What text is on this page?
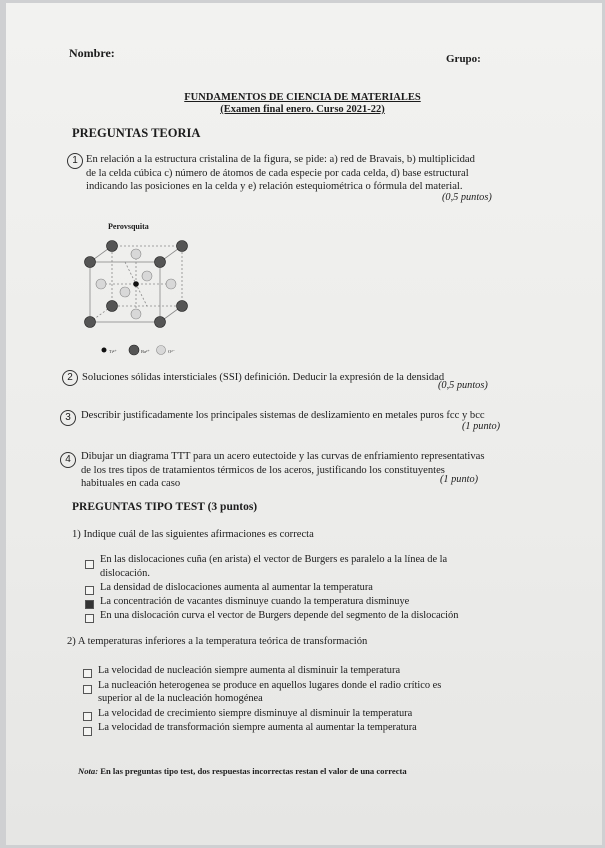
Nombre:	Grupo:
FUNDAMENTOS DE CIENCIA DE MATERIALES
(Examen final enero. Curso 2021-22)
PREGUNTAS TEORIA
1 En relación a la estructura cristalina de la figura, se pide: a) red de Bravais, b) multiplicidad
de la celda cúbica c) número de átomos de cada especie por cada celda, d) base estructural
indicando las posiciones en la celda y e) relación estequiométrica o fórmula del material.
(0,5 puntos)
Perovsquita
Ti⁴⁺	Ba²⁺	O²⁻
2 Soluciones sólidas intersticiales (SSI) definición. Deducir la expresión de la densidad
(0,5 puntos)
3 Describir justificadamente los principales sistemas de deslizamiento en metales puros fcc y bcc
(1 punto)
4 Dibujar un diagrama TTT para un acero eutectoide y las curvas de enfriamiento representativas
de los tres tipos de tratamientos térmicos de los aceros, justificando los constituyentes
habituales en cada caso	(1 punto)
PREGUNTAS TIPO TEST (3 puntos)
1) Indique cuál de las siguientes afirmaciones es correcta
En las dislocaciones cuña (en arista) el vector de Burgers es paralelo a la línea de la
dislocación.
La densidad de dislocaciones aumenta al aumentar la temperatura
La concentración de vacantes disminuye cuando la temperatura disminuye
En una dislocación curva el vector de Burgers depende del segmento de la dislocación
2) A temperaturas inferiores a la temperatura teórica de transformación
La velocidad de nucleación siempre aumenta al disminuir la temperatura
La nucleación heterogenea se produce en aquellos lugares donde el radio crítico es
superior al de la nucleación homogénea
La velocidad de crecimiento siempre disminuye al disminuir la temperatura
La velocidad de transformación siempre aumenta al aumentar la temperatura
Nota: En las preguntas tipo test, dos respuestas incorrectas restan el valor de una correcta
